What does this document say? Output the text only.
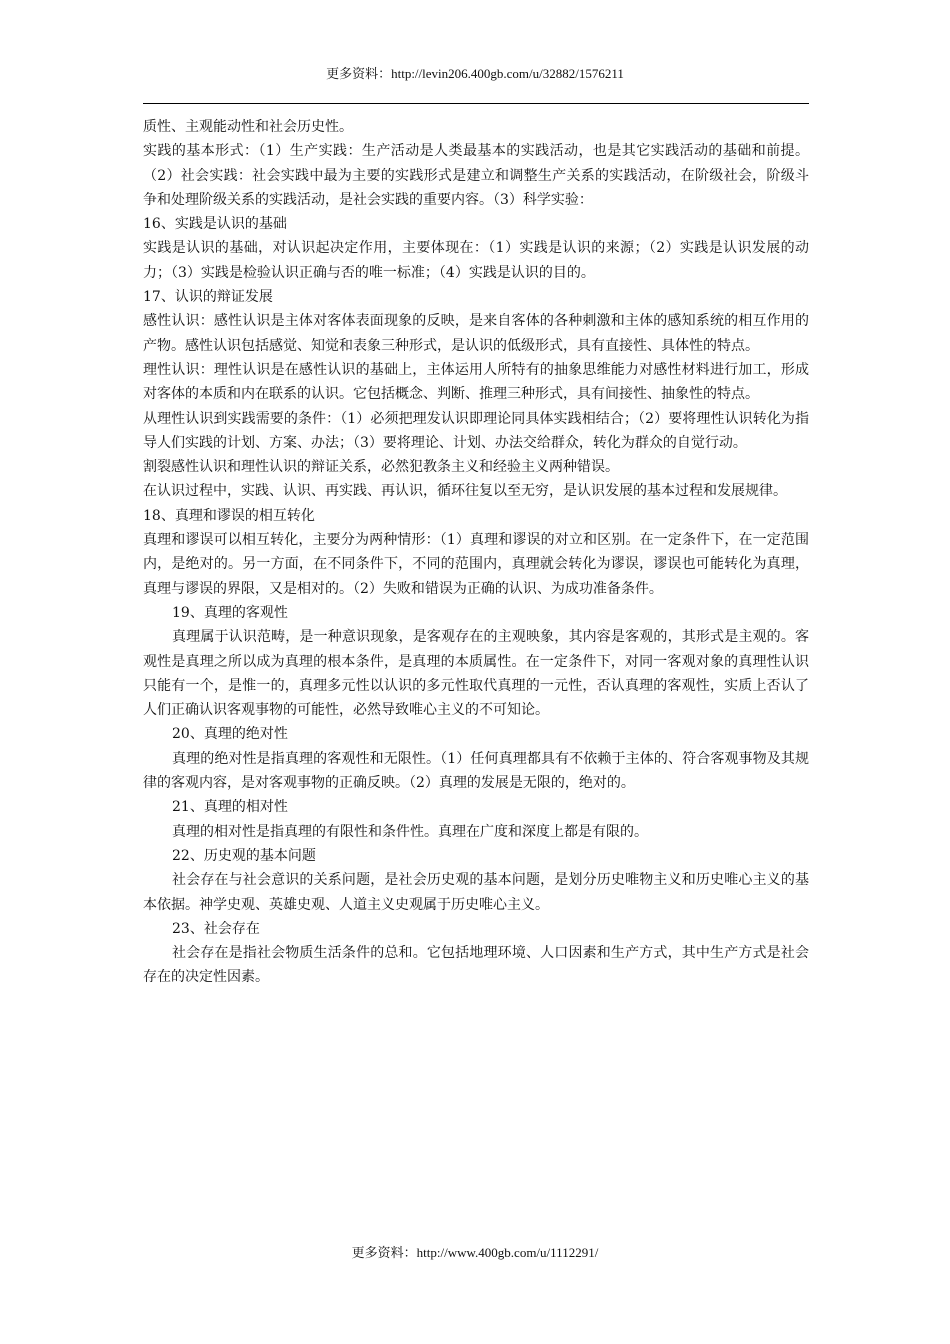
更多资料：http://levin206.400gb.com/u/32882/1576211

质性、主观能动性和社会历史性。

实践的基本形式：（1）生产实践：生产活动是人类最基本的实践活动，也是其它实践活动的基础和前提。（2）社会实践：社会实践中最为主要的实践形式是建立和调整生产关系的实践活动，在阶级社会，阶级斗争和处理阶级关系的实践活动，是社会实践的重要内容。（3）科学实验：

16、实践是认识的基础

实践是认识的基础，对认识起决定作用，主要体现在：（1）实践是认识的来源；（2）实践是认识发展的动力；（3）实践是检验认识正确与否的唯一标准；（4）实践是认识的目的。

17、认识的辩证发展

感性认识：感性认识是主体对客体表面现象的反映，是来自客体的各种刺激和主体的感知系统的相互作用的产物。感性认识包括感觉、知觉和表象三种形式，是认识的低级形式，具有直接性、具体性的特点。

理性认识：理性认识是在感性认识的基础上，主体运用人所特有的抽象思维能力对感性材料进行加工，形成对客体的本质和内在联系的认识。它包括概念、判断、推理三种形式，具有间接性、抽象性的特点。

从理性认识到实践需要的条件：（1）必须把理发认识即理论同具体实践相结合；（2）要将理性认识转化为指导人们实践的计划、方案、办法；（3）要将理论、计划、办法交给群众，转化为群众的自觉行动。

割裂感性认识和理性认识的辩证关系，必然犯教条主义和经验主义两种错误。

在认识过程中，实践、认识、再实践、再认识，循环往复以至无穷，是认识发展的基本过程和发展规律。

18、真理和谬误的相互转化

真理和谬误可以相互转化，主要分为两种情形：（1）真理和谬误的对立和区别。在一定条件下，在一定范围内，是绝对的。另一方面，在不同条件下，不同的范围内，真理就会转化为谬误，谬误也可能转化为真理，真理与谬误的界限，又是相对的。（2）失败和错误为正确的认识、为成功准备条件。

19、真理的客观性

真理属于认识范畴，是一种意识现象，是客观存在的主观映象，其内容是客观的，其形式是主观的。客观性是真理之所以成为真理的根本条件，是真理的本质属性。在一定条件下，对同一客观对象的真理性认识只能有一个，是惟一的，真理多元性以认识的多元性取代真理的一元性，否认真理的客观性，实质上否认了人们正确认识客观事物的可能性，必然导致唯心主义的不可知论。

20、真理的绝对性

真理的绝对性是指真理的客观性和无限性。（1）任何真理都具有不依赖于主体的、符合客观事物及其规律的客观内容，是对客观事物的正确反映。（2）真理的发展是无限的，绝对的。

21、真理的相对性

真理的相对性是指真理的有限性和条件性。真理在广度和深度上都是有限的。

22、历史观的基本问题

社会存在与社会意识的关系问题，是社会历史观的基本问题，是划分历史唯物主义和历史唯心主义的基本依据。神学史观、英雄史观、人道主义史观属于历史唯心主义。

23、社会存在

社会存在是指社会物质生活条件的总和。它包括地理环境、人口因素和生产方式，其中生产方式是社会存在的决定性因素。

更多资料：http://www.400gb.com/u/1112291/
